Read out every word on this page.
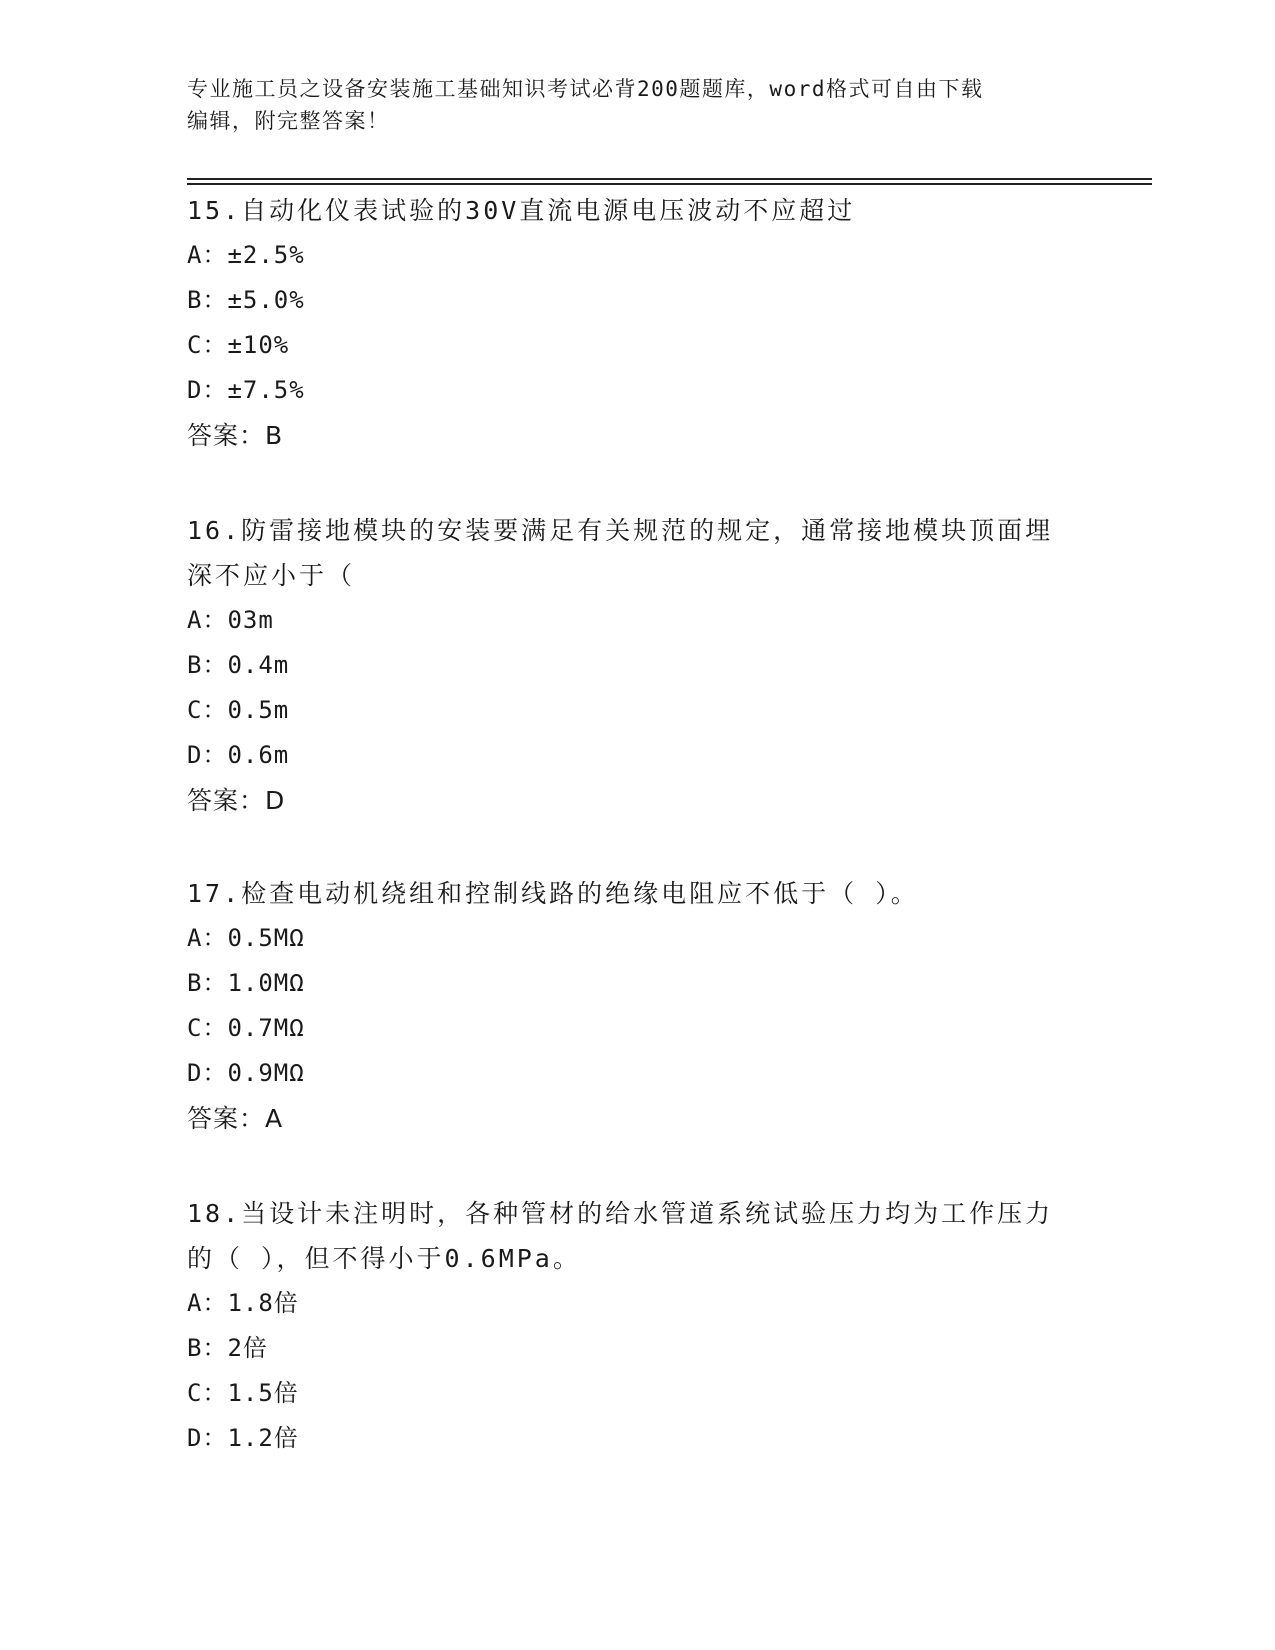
专业施工员之设备安装施工基础知识考试必背200题题库，word格式可自由下载
编辑，附完整答案！
15.自动化仪表试验的30V直流电源电压波动不应超过
A：±2.5%
B：±5.0%
C：±10%
D：±7.5%
答案：B
16.防雷接地模块的安装要满足有关规范的规定，通常接地模块顶面埋
深不应小于（
A：03m
B：0.4m
C：0.5m
D：0.6m
答案：D
17.检查电动机绕组和控制线路的绝缘电阻应不低于（ ）。
A：0.5MΩ
B：1.0MΩ
C：0.7MΩ
D：0.9MΩ
答案：A
18.当设计未注明时，各种管材的给水管道系统试验压力均为工作压力
的（ ），但不得小于0.6MPa。
A：1.8倍
B：2倍
C：1.5倍
D：1.2倍
